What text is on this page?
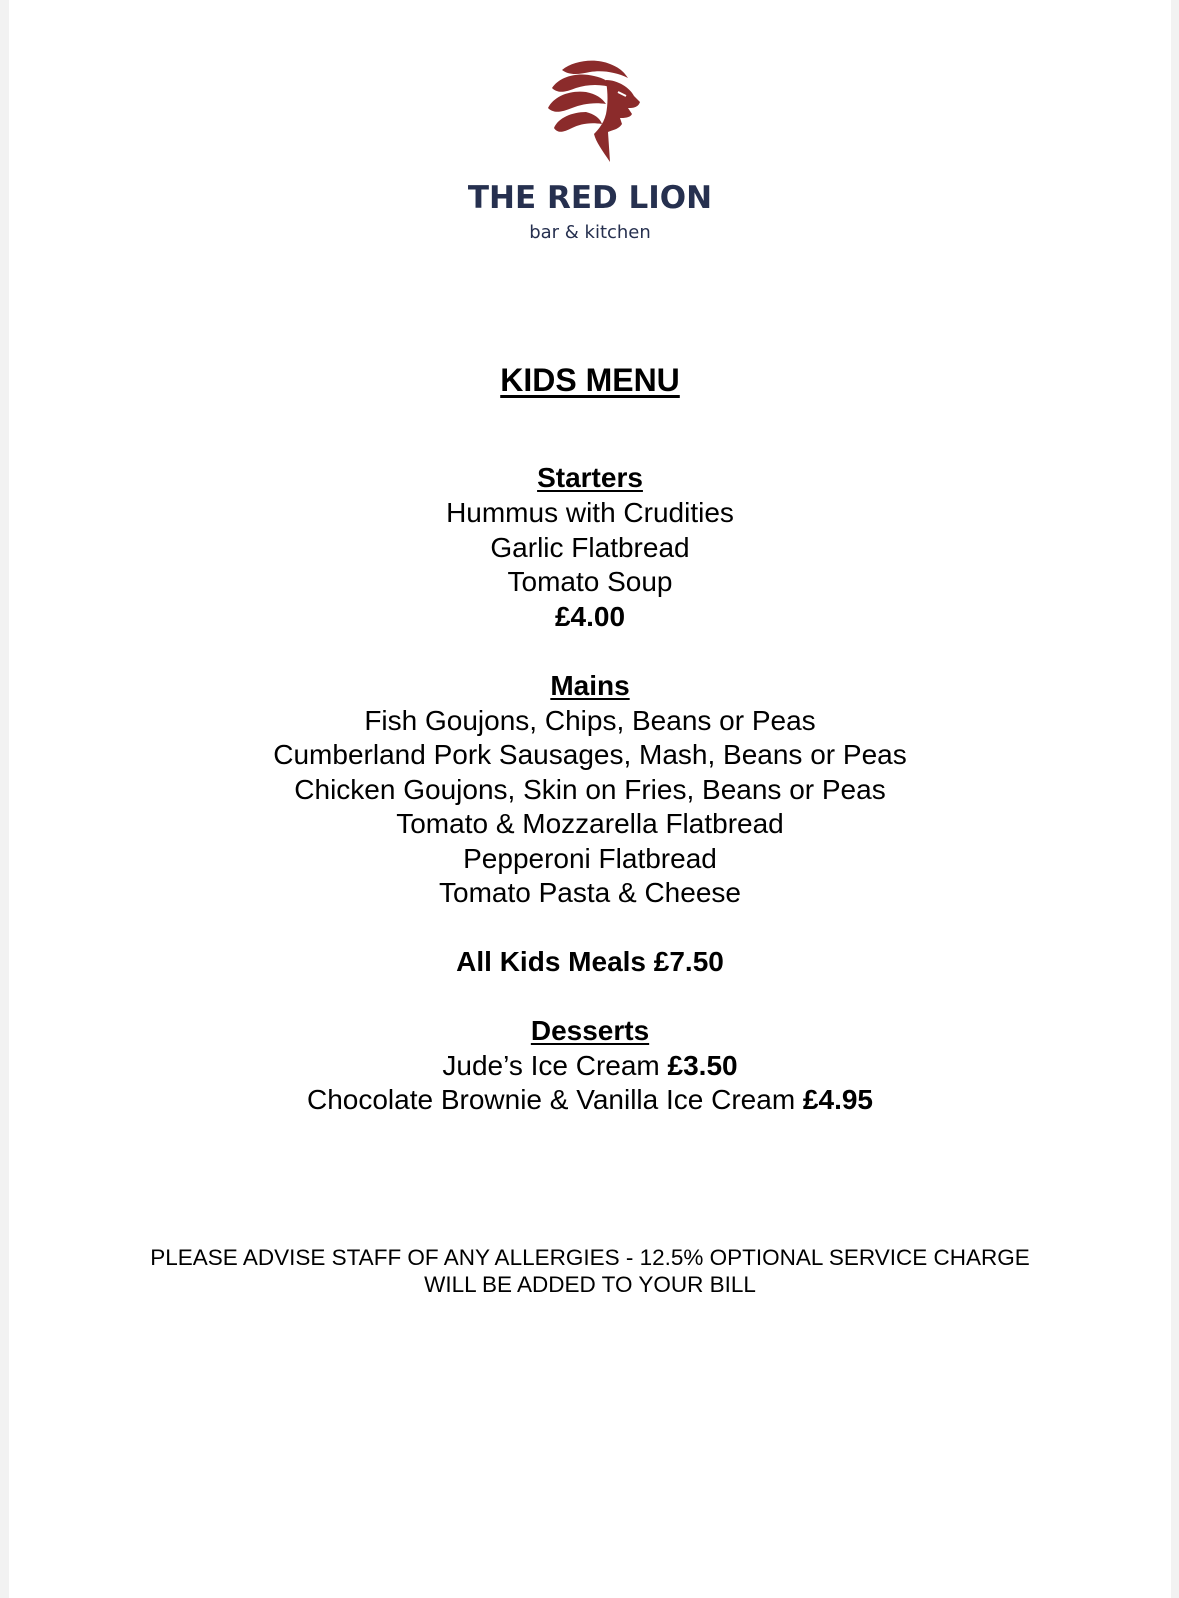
THE RED LION
bar & kitchen
KIDS MENU
Starters
Hummus with Crudities
Garlic Flatbread
Tomato Soup
£4.00
Mains
Fish Goujons, Chips, Beans or Peas
Cumberland Pork Sausages, Mash, Beans or Peas
Chicken Goujons, Skin on Fries, Beans or Peas
Tomato & Mozzarella Flatbread
Pepperoni Flatbread
Tomato Pasta & Cheese
All Kids Meals £7.50
Desserts
Jude’s Ice Cream £3.50
Chocolate Brownie & Vanilla Ice Cream £4.95
PLEASE ADVISE STAFF OF ANY ALLERGIES - 12.5% OPTIONAL SERVICE CHARGE
WILL BE ADDED TO YOUR BILL
